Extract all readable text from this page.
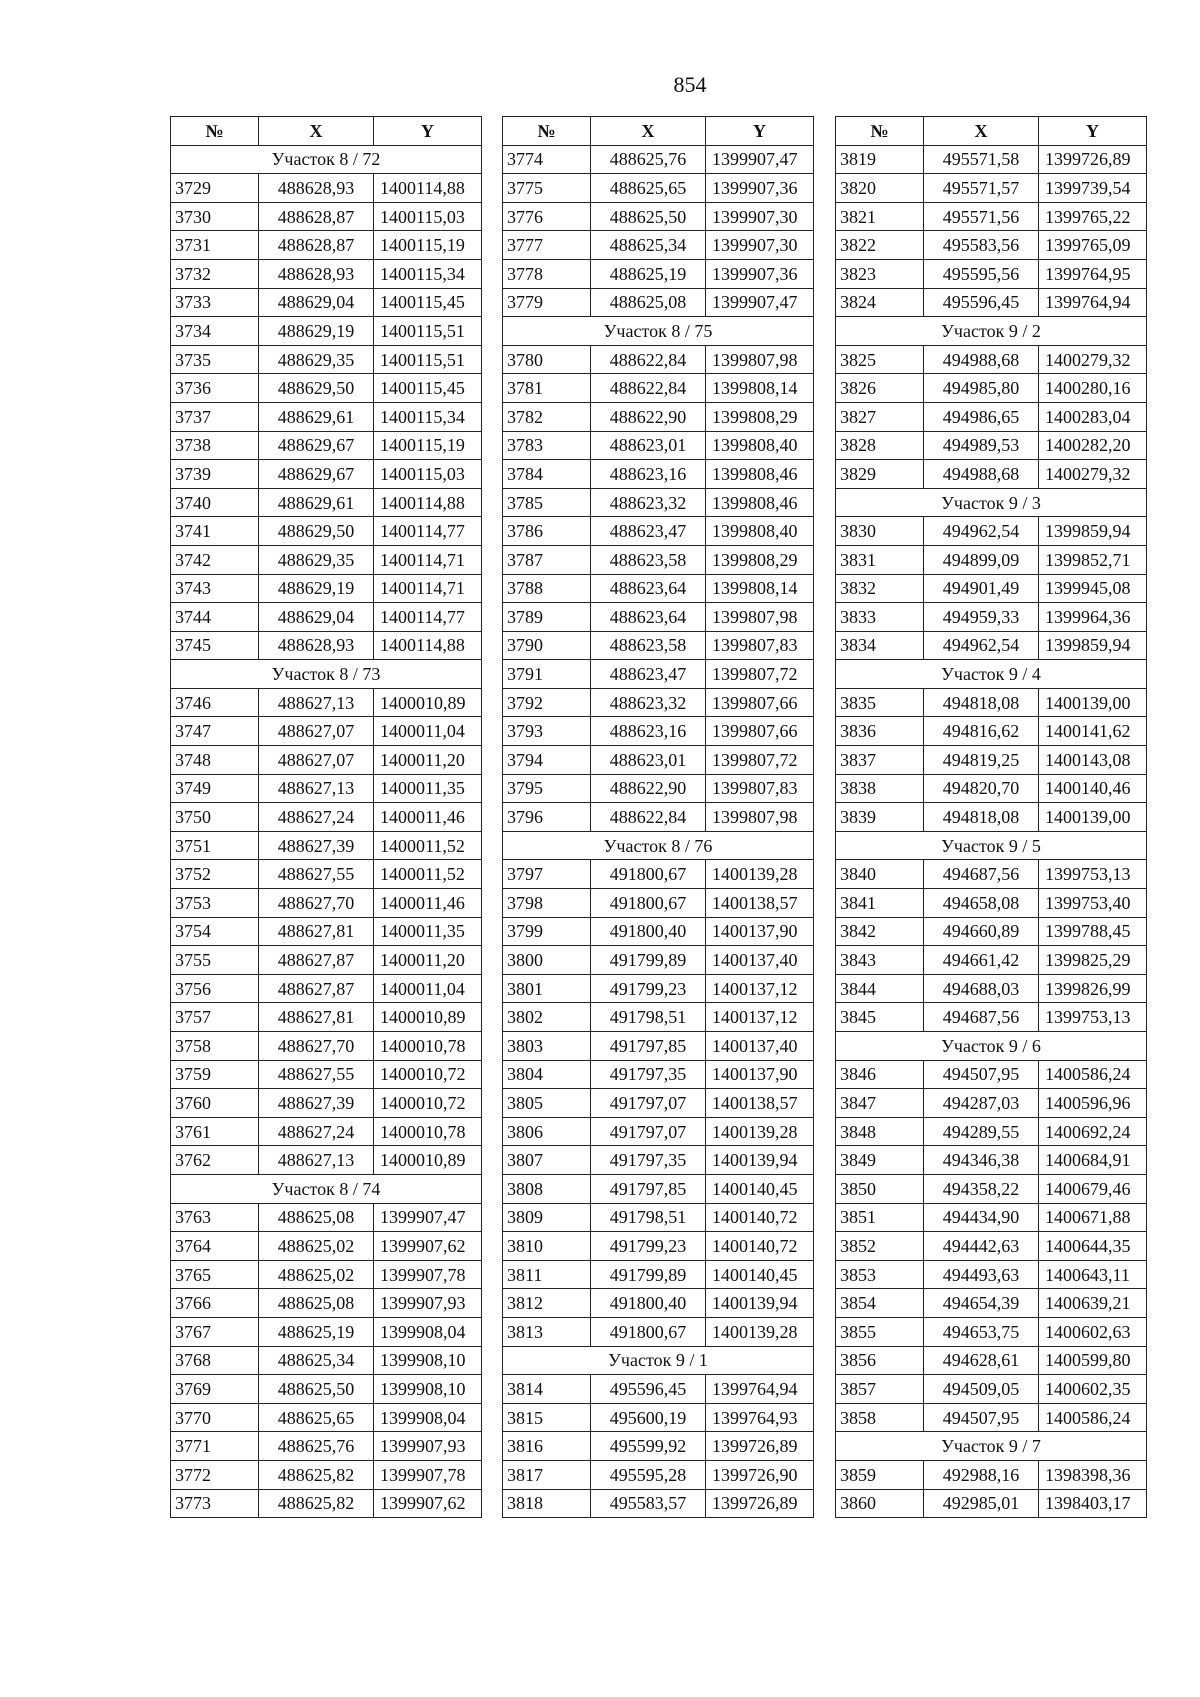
854
№	X	Y
Участок 8 / 72		
3729	488628,93	1400114,88
3730	488628,87	1400115,03
3731	488628,87	1400115,19
3732	488628,93	1400115,34
3733	488629,04	1400115,45
3734	488629,19	1400115,51
3735	488629,35	1400115,51
3736	488629,50	1400115,45
3737	488629,61	1400115,34
3738	488629,67	1400115,19
3739	488629,67	1400115,03
3740	488629,61	1400114,88
3741	488629,50	1400114,77
3742	488629,35	1400114,71
3743	488629,19	1400114,71
3744	488629,04	1400114,77
3745	488628,93	1400114,88
Участок 8 / 73		
3746	488627,13	1400010,89
3747	488627,07	1400011,04
3748	488627,07	1400011,20
3749	488627,13	1400011,35
3750	488627,24	1400011,46
3751	488627,39	1400011,52
3752	488627,55	1400011,52
3753	488627,70	1400011,46
3754	488627,81	1400011,35
3755	488627,87	1400011,20
3756	488627,87	1400011,04
3757	488627,81	1400010,89
3758	488627,70	1400010,78
3759	488627,55	1400010,72
3760	488627,39	1400010,72
3761	488627,24	1400010,78
3762	488627,13	1400010,89
Участок 8 / 74		
3763	488625,08	1399907,47
3764	488625,02	1399907,62
3765	488625,02	1399907,78
3766	488625,08	1399907,93
3767	488625,19	1399908,04
3768	488625,34	1399908,10
3769	488625,50	1399908,10
3770	488625,65	1399908,04
3771	488625,76	1399907,93
3772	488625,82	1399907,78
3773	488625,82	1399907,62
№	X	Y
3774	488625,76	1399907,47
3775	488625,65	1399907,36
3776	488625,50	1399907,30
3777	488625,34	1399907,30
3778	488625,19	1399907,36
3779	488625,08	1399907,47
Участок 8 / 75		
3780	488622,84	1399807,98
3781	488622,84	1399808,14
3782	488622,90	1399808,29
3783	488623,01	1399808,40
3784	488623,16	1399808,46
3785	488623,32	1399808,46
3786	488623,47	1399808,40
3787	488623,58	1399808,29
3788	488623,64	1399808,14
3789	488623,64	1399807,98
3790	488623,58	1399807,83
3791	488623,47	1399807,72
3792	488623,32	1399807,66
3793	488623,16	1399807,66
3794	488623,01	1399807,72
3795	488622,90	1399807,83
3796	488622,84	1399807,98
Участок 8 / 76		
3797	491800,67	1400139,28
3798	491800,67	1400138,57
3799	491800,40	1400137,90
3800	491799,89	1400137,40
3801	491799,23	1400137,12
3802	491798,51	1400137,12
3803	491797,85	1400137,40
3804	491797,35	1400137,90
3805	491797,07	1400138,57
3806	491797,07	1400139,28
3807	491797,35	1400139,94
3808	491797,85	1400140,45
3809	491798,51	1400140,72
3810	491799,23	1400140,72
3811	491799,89	1400140,45
3812	491800,40	1400139,94
3813	491800,67	1400139,28
Участок 9 / 1		
3814	495596,45	1399764,94
3815	495600,19	1399764,93
3816	495599,92	1399726,89
3817	495595,28	1399726,90
3818	495583,57	1399726,89
№	X	Y
3819	495571,58	1399726,89
3820	495571,57	1399739,54
3821	495571,56	1399765,22
3822	495583,56	1399765,09
3823	495595,56	1399764,95
3824	495596,45	1399764,94
Участок 9 / 2		
3825	494988,68	1400279,32
3826	494985,80	1400280,16
3827	494986,65	1400283,04
3828	494989,53	1400282,20
3829	494988,68	1400279,32
Участок 9 / 3		
3830	494962,54	1399859,94
3831	494899,09	1399852,71
3832	494901,49	1399945,08
3833	494959,33	1399964,36
3834	494962,54	1399859,94
Участок 9 / 4		
3835	494818,08	1400139,00
3836	494816,62	1400141,62
3837	494819,25	1400143,08
3838	494820,70	1400140,46
3839	494818,08	1400139,00
Участок 9 / 5		
3840	494687,56	1399753,13
3841	494658,08	1399753,40
3842	494660,89	1399788,45
3843	494661,42	1399825,29
3844	494688,03	1399826,99
3845	494687,56	1399753,13
Участок 9 / 6		
3846	494507,95	1400586,24
3847	494287,03	1400596,96
3848	494289,55	1400692,24
3849	494346,38	1400684,91
3850	494358,22	1400679,46
3851	494434,90	1400671,88
3852	494442,63	1400644,35
3853	494493,63	1400643,11
3854	494654,39	1400639,21
3855	494653,75	1400602,63
3856	494628,61	1400599,80
3857	494509,05	1400602,35
3858	494507,95	1400586,24
Участок 9 / 7		
3859	492988,16	1398398,36
3860	492985,01	1398403,17
